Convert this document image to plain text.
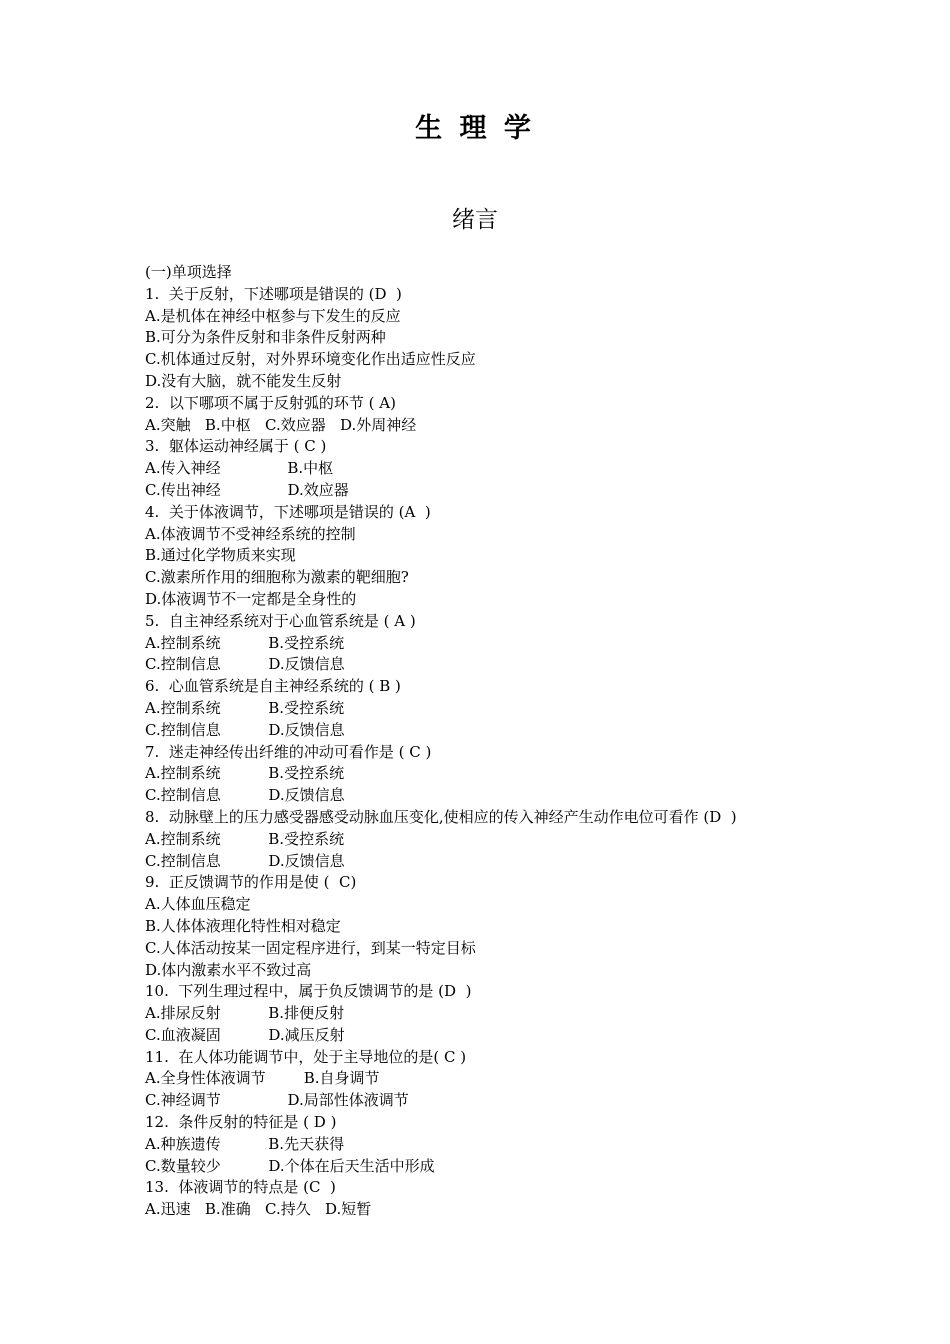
生 理 学
绪言
(一)单项选择
1.  关于反射，下述哪项是错误的 (D  )
A.是机体在神经中枢参与下发生的反应
B.可分为条件反射和非条件反射两种
C.机体通过反射，对外界环境变化作出适应性反应
D.没有大脑，就不能发生反射
2.  以下哪项不属于反射弧的环节 ( A)
A.突触   B.中枢   C.效应器   D.外周神经
3.  躯体运动神经属于 ( C )
A.传入神经              B.中枢
C.传出神经              D.效应器
4.  关于体液调节，下述哪项是错误的 (A  )
A.体液调节不受神经系统的控制
B.通过化学物质来实现
C.激素所作用的细胞称为激素的靶细胞?
D.体液调节不一定都是全身性的
5.  自主神经系统对于心血管系统是 ( A )
A.控制系统          B.受控系统
C.控制信息          D.反馈信息
6.  心血管系统是自主神经系统的 ( B )
A.控制系统          B.受控系统
C.控制信息          D.反馈信息
7.  迷走神经传出纤维的冲动可看作是 ( C )
A.控制系统          B.受控系统
C.控制信息          D.反馈信息
8.  动脉壁上的压力感受器感受动脉血压变化,使相应的传入神经产生动作电位可看作 (D  )
A.控制系统          B.受控系统
C.控制信息          D.反馈信息
9.  正反馈调节的作用是使 (  C)
A.人体血压稳定
B.人体体液理化特性相对稳定
C.人体活动按某一固定程序进行，到某一特定目标
D.体内激素水平不致过高
10.  下列生理过程中，属于负反馈调节的是 (D  )
A.排尿反射          B.排便反射
C.血液凝固          D.减压反射
11.  在人体功能调节中，处于主导地位的是( C )
A.全身性体液调节        B.自身调节
C.神经调节              D.局部性体液调节
12.  条件反射的特征是 ( D )
A.种族遗传          B.先天获得
C.数量较少          D.个体在后天生活中形成
13.  体液调节的特点是 (C  )
A.迅速   B.准确   C.持久   D.短暂
